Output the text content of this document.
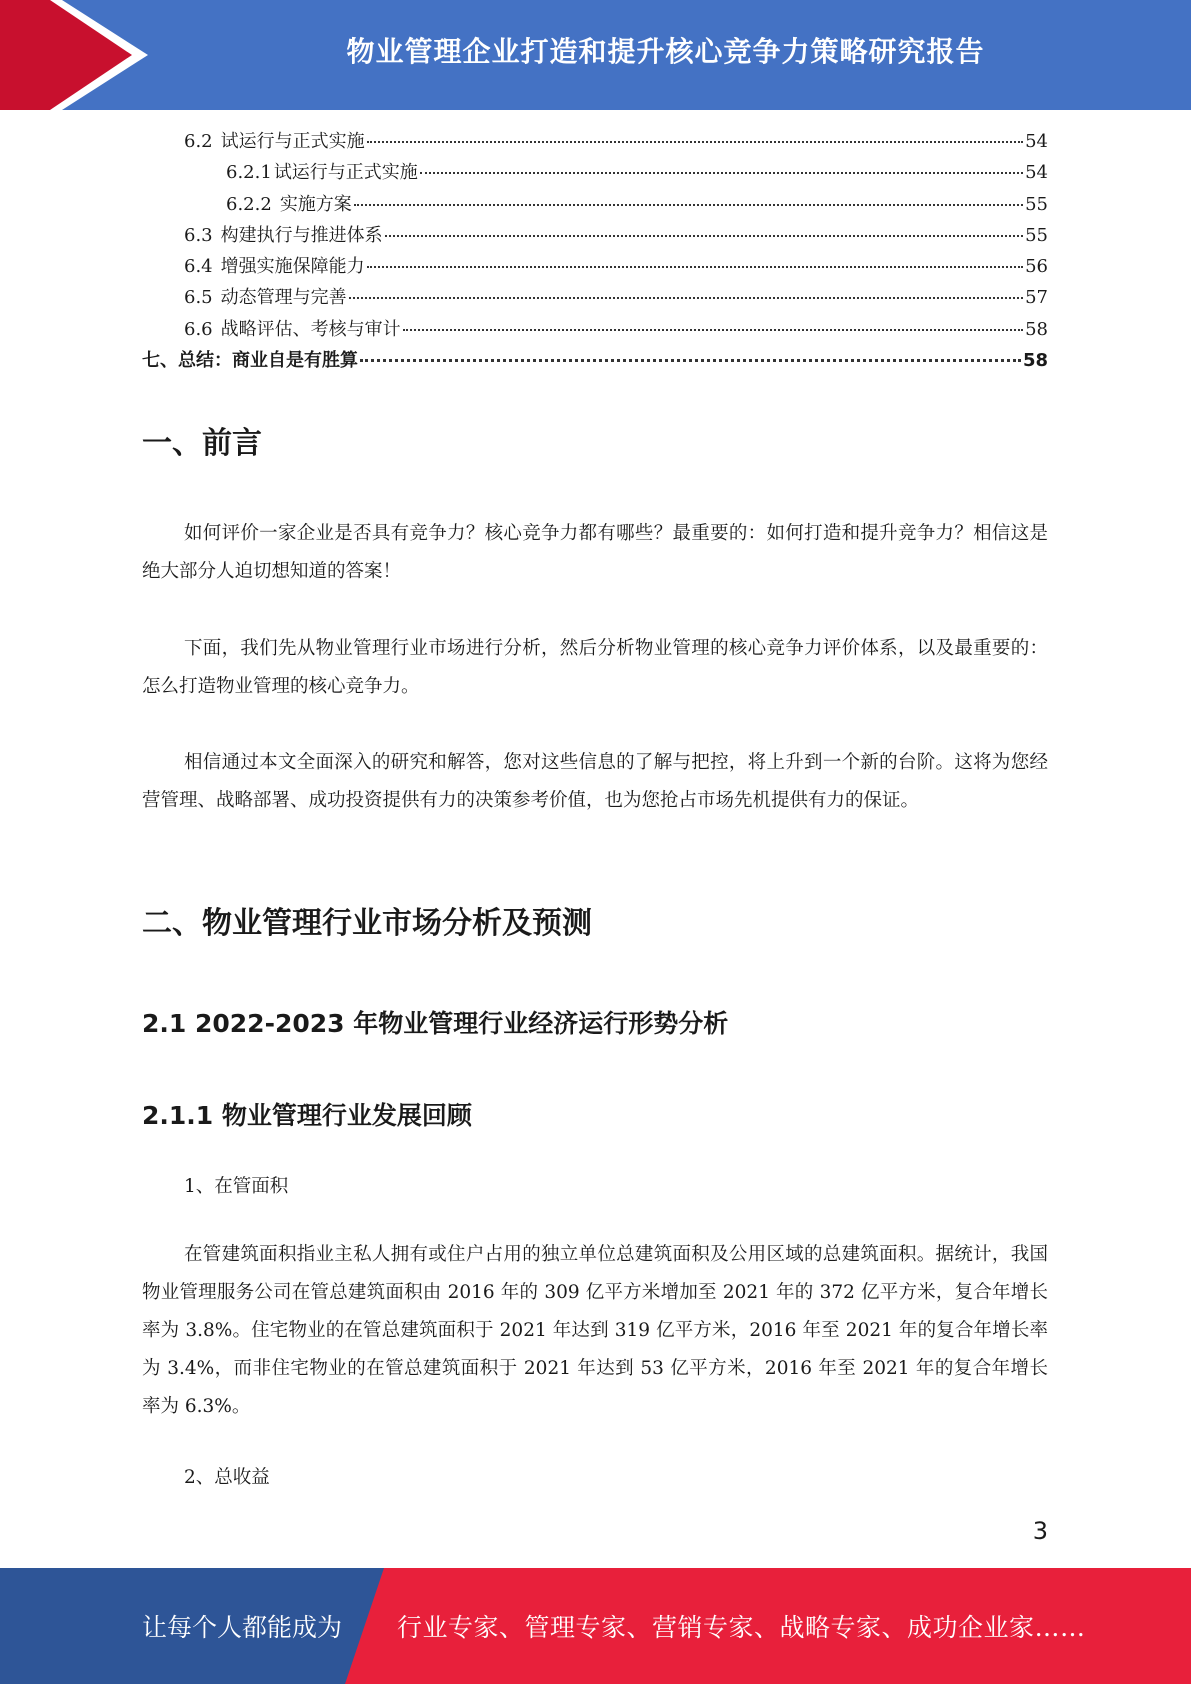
物业管理企业打造和提升核心竞争力策略研究报告
6.2 试运行与正式实施	54
6.2.1 试运行与正式实施	54
6.2.2 实施方案	55
6.3 构建执行与推进体系	55
6.4 增强实施保障能力	56
6.5 动态管理与完善	57
6.6 战略评估、考核与审计	58
七、总结：商业自是有胜算	58
一、前言

如何评价一家企业是否具有竞争力？核心竞争力都有哪些？最重要的：如何打造和提升竞争力？相信这是绝大部分人迫切想知道的答案！

下面，我们先从物业管理行业市场进行分析，然后分析物业管理的核心竞争力评价体系，以及最重要的：怎么打造物业管理的核心竞争力。

相信通过本文全面深入的研究和解答，您对这些信息的了解与把控，将上升到一个新的台阶。这将为您经营管理、战略部署、成功投资提供有力的决策参考价值，也为您抢占市场先机提供有力的保证。

二、物业管理行业市场分析及预测
2.1 2022-2023 年物业管理行业经济运行形势分析
2.1.1 物业管理行业发展回顾

1、在管面积

在管建筑面积指业主私人拥有或住户占用的独立单位总建筑面积及公用区域的总建筑面积。据统计，我国物业管理服务公司在管总建筑面积由 2016 年的 309 亿平方米增加至 2021 年的 372 亿平方米，复合年增长率为 3.8%。住宅物业的在管总建筑面积于 2021 年达到 319 亿平方米，2016 年至 2021 年的复合年增长率为 3.4%，而非住宅物业的在管总建筑面积于 2021 年达到 53 亿平方米，2016 年至 2021 年的复合年增长率为 6.3%。

2、总收益

3
让每个人都能成为 行业专家、管理专家、营销专家、战略专家、成功企业家……
